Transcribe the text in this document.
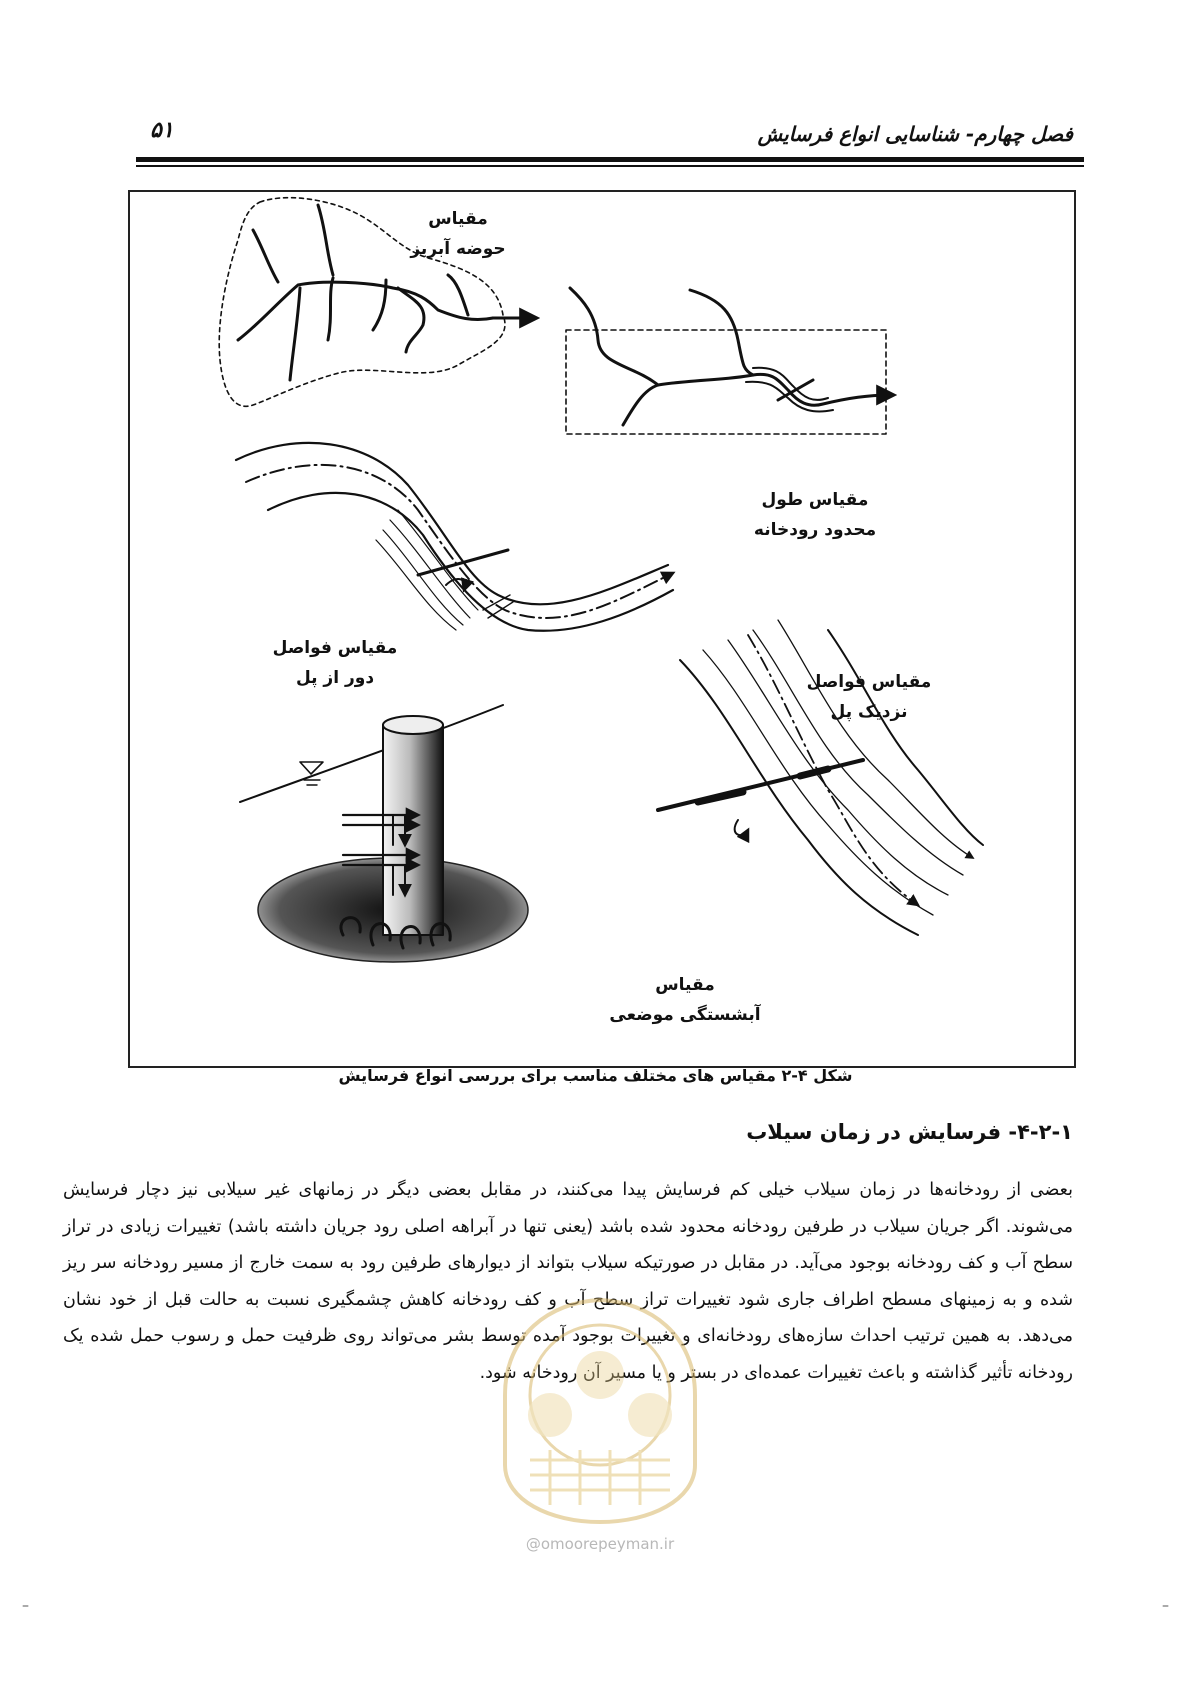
۵۱	فصل چهارم- شناسایی انواع فرسایش
مقیاس
حوضه آبریز
مقیاس طول
محدود رودخانه
مقیاس فواصل
دور از پل	مقیاس فواصل
نزدیک پل
مقیاس
آبشستگی موضعی
شکل ۴-۲ مقیاس های مختلف مناسب برای بررسی انواع فرسایش
۴-۲-۱- فرسایش در زمان سیلاب
بعضی از رودخانه‌ها در زمان سیلاب خیلی کم فرسایش پیدا می‌کنند، در مقابل بعضی دیگر در زمانهای غیر سیلابی نیز دچار فرسایش می‌شوند. اگر جریان سیلاب در طرفین رودخانه محدود شده باشد (یعنی تنها در آبراهه اصلی رود جریان داشته باشد) تغییرات زیادی در تراز سطح آب و کف رودخانه بوجود می‌آید. در مقابل در صورتیکه سیلاب بتواند از دیوارهای طرفین رود به سمت خارج از مسیر رودخانه سر ریز شده و به زمینهای مسطح اطراف جاری شود تغییرات تراز سطح آب و کف رودخانه کاهش چشمگیری نسبت به حالت قبل از خود نشان می‌دهد. به همین ترتیب احداث سازه‌های رودخانه‌ای و تغییرات بوجود آمده توسط بشر می‌تواند روی ظرفیت حمل و رسوب حمل شده یک رودخانه تأثیر گذاشته و باعث تغییرات عمده‌ای در بستر و یا مسیر آن رودخانه شود.
@omoorepeyman.ir
–	–
